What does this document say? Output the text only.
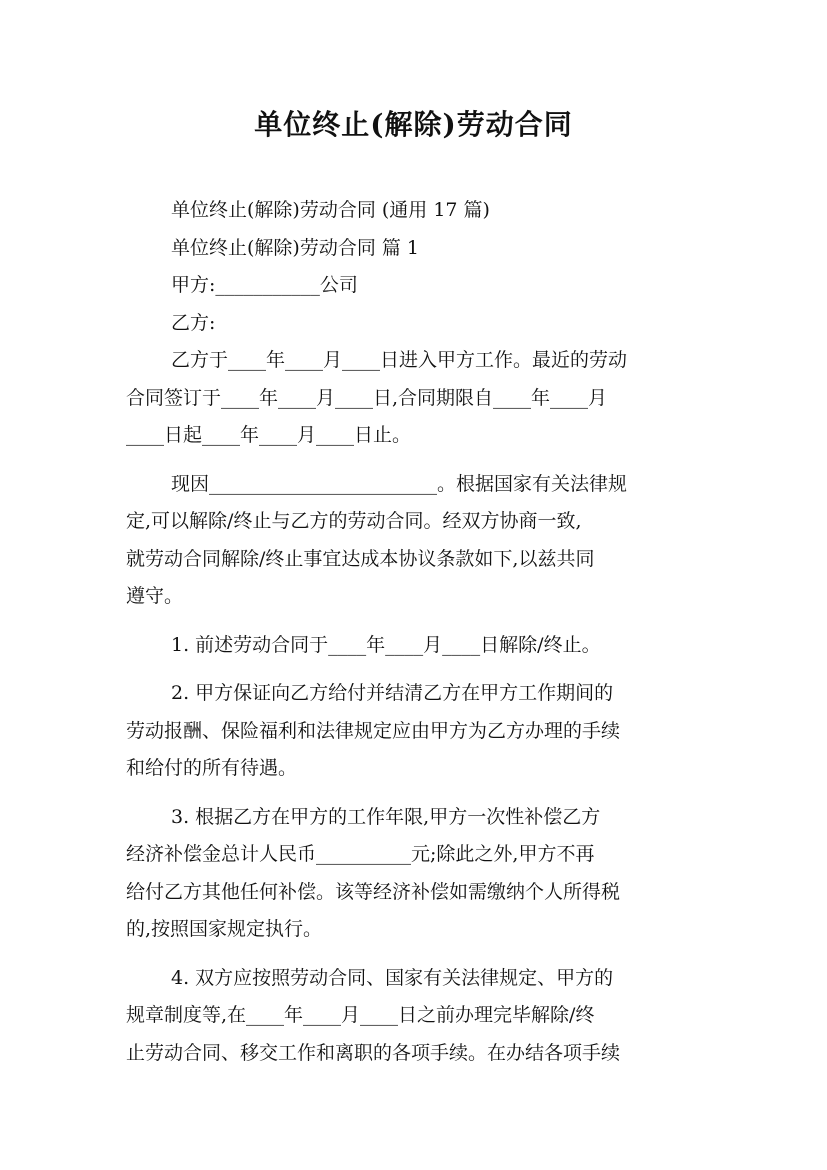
单位终止(解除)劳动合同
单位终止(解除)劳动合同 (通用 17 篇)
单位终止(解除)劳动合同 篇 1
甲方:___________公司
乙方:
乙方于____年____月____日进入甲方工作。最近的劳动
合同签订于____年____月____日,合同期限自____年____月
____日起____年____月____日止。
现因________________________。根据国家有关法律规
定,可以解除/终止与乙方的劳动合同。经双方协商一致,
就劳动合同解除/终止事宜达成本协议条款如下,以兹共同
遵守。
1. 前述劳动合同于____年____月____日解除/终止。
2. 甲方保证向乙方给付并结清乙方在甲方工作期间的
劳动报酬、保险福利和法律规定应由甲方为乙方办理的手续
和给付的所有待遇。
3. 根据乙方在甲方的工作年限,甲方一次性补偿乙方
经济补偿金总计人民币__________元;除此之外,甲方不再
给付乙方其他任何补偿。该等经济补偿如需缴纳个人所得税
的,按照国家规定执行。
4. 双方应按照劳动合同、国家有关法律规定、甲方的
规章制度等,在____年____月____日之前办理完毕解除/终
止劳动合同、移交工作和离职的各项手续。在办结各项手续
